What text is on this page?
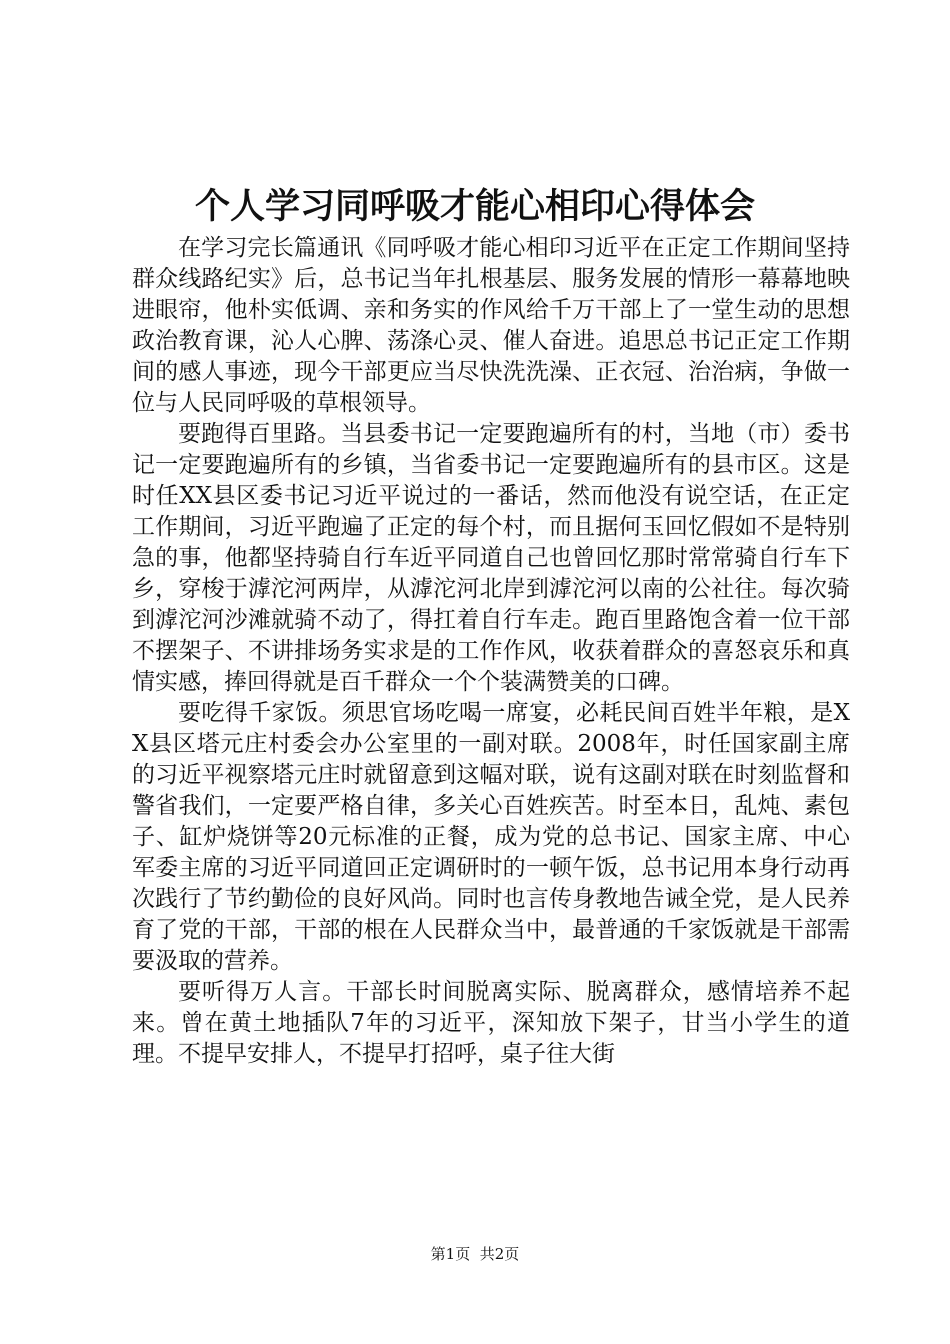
个人学习同呼吸才能心相印心得体会

在学习完长篇通讯《同呼吸才能心相印习近平在正定工作期间坚持群众线路纪实》后，总书记当年扎根基层、服务发展的情形一幕幕地映进眼帘，他朴实低调、亲和务实的作风给千万干部上了一堂生动的思想政治教育课，沁人心脾、荡涤心灵、催人奋进。追思总书记正定工作期间的感人事迹，现今干部更应当尽快洗洗澡、正衣冠、治治病，争做一位与人民同呼吸的草根领导。

要跑得百里路。当县委书记一定要跑遍所有的村，当地（市）委书记一定要跑遍所有的乡镇，当省委书记一定要跑遍所有的县市区。这是时任XX县区委书记习近平说过的一番话，然而他没有说空话，在正定工作期间，习近平跑遍了正定的每个村，而且据何玉回忆假如不是特别急的事，他都坚持骑自行车近平同道自己也曾回忆那时常常骑自行车下乡，穿梭于滹沱河两岸，从滹沱河北岸到滹沱河以南的公社往。每次骑到滹沱河沙滩就骑不动了，得扛着自行车走。跑百里路饱含着一位干部不摆架子、不讲排场务实求是的工作作风，收获着群众的喜怒哀乐和真情实感，捧回得就是百千群众一个个装满赞美的口碑。

要吃得千家饭。须思官场吃喝一席宴，必耗民间百姓半年粮，是XX县区塔元庄村委会办公室里的一副对联。2008年，时任国家副主席的习近平视察塔元庄时就留意到这幅对联，说有这副对联在时刻监督和警省我们，一定要严格自律，多关心百姓疾苦。时至本日，乱炖、素包子、缸炉烧饼等20元标准的正餐，成为党的总书记、国家主席、中心军委主席的习近平同道回正定调研时的一顿午饭，总书记用本身行动再次践行了节约勤俭的良好风尚。同时也言传身教地告诫全党，是人民养育了党的干部，干部的根在人民群众当中，最普通的千家饭就是干部需要汲取的营养。

要听得万人言。干部长时间脱离实际、脱离群众，感情培养不起来。曾在黄土地插队7年的习近平，深知放下架子，甘当小学生的道理。不提早安排人，不提早打招呼，桌子往大街

第1页 共2页
